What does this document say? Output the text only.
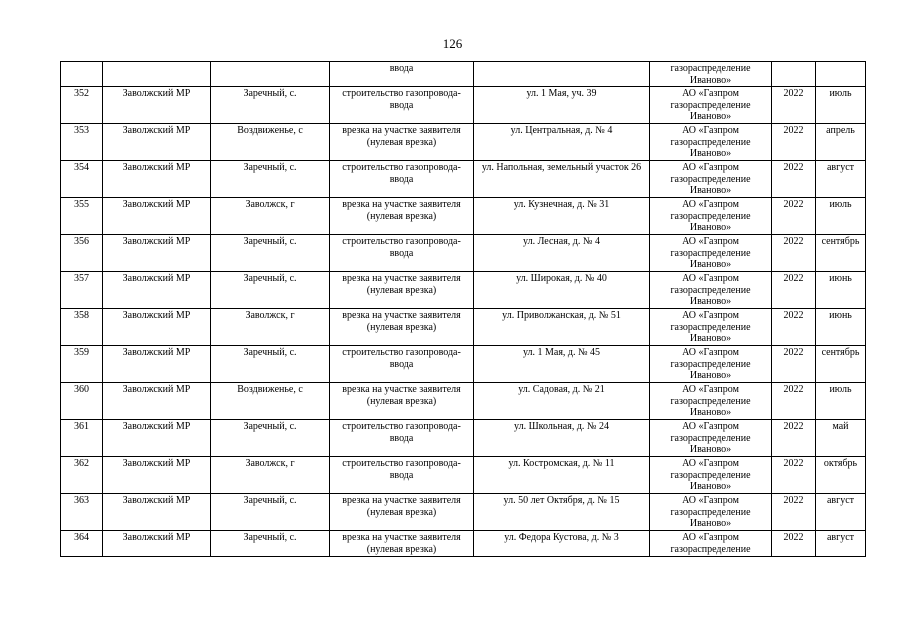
126
			ввода		газораспределение Иваново»		
352	Заволжский МР	Заречный, с.	строительство газопровода-ввода	ул. 1 Мая, уч. 39	АО «Газпром газораспределение Иваново»	2022	июль
353	Заволжский МР	Воздвиженье, с	врезка на участке заявителя (нулевая врезка)	ул. Центральная, д. № 4	АО «Газпром газораспределение Иваново»	2022	апрель
354	Заволжский МР	Заречный, с.	строительство газопровода-ввода	ул. Напольная, земельный участок 26	АО «Газпром газораспределение Иваново»	2022	август
355	Заволжский МР	Заволжск, г	врезка на участке заявителя (нулевая врезка)	ул. Кузнечная, д. № 31	АО «Газпром газораспределение Иваново»	2022	июль
356	Заволжский МР	Заречный, с.	строительство газопровода-ввода	ул. Лесная, д. № 4	АО «Газпром газораспределение Иваново»	2022	сентябрь
357	Заволжский МР	Заречный, с.	врезка на участке заявителя (нулевая врезка)	ул. Широкая, д. № 40	АО «Газпром газораспределение Иваново»	2022	июнь
358	Заволжский МР	Заволжск, г	врезка на участке заявителя (нулевая врезка)	ул. Приволжанская, д. № 51	АО «Газпром газораспределение Иваново»	2022	июнь
359	Заволжский МР	Заречный, с.	строительство газопровода-ввода	ул. 1 Мая, д. № 45	АО «Газпром газораспределение Иваново»	2022	сентябрь
360	Заволжский МР	Воздвиженье, с	врезка на участке заявителя (нулевая врезка)	ул. Садовая, д. № 21	АО «Газпром газораспределение Иваново»	2022	июль
361	Заволжский МР	Заречный, с.	строительство газопровода-ввода	ул. Школьная, д. № 24	АО «Газпром газораспределение Иваново»	2022	май
362	Заволжский МР	Заволжск, г	строительство газопровода-ввода	ул. Костромская, д. № 11	АО «Газпром газораспределение Иваново»	2022	октябрь
363	Заволжский МР	Заречный, с.	врезка на участке заявителя (нулевая врезка)	ул. 50 лет Октября, д. № 15	АО «Газпром газораспределение Иваново»	2022	август
364	Заволжский МР	Заречный, с.	врезка на участке заявителя (нулевая врезка)	ул. Федора Кустова, д. № 3	АО «Газпром газораспределение	2022	август
